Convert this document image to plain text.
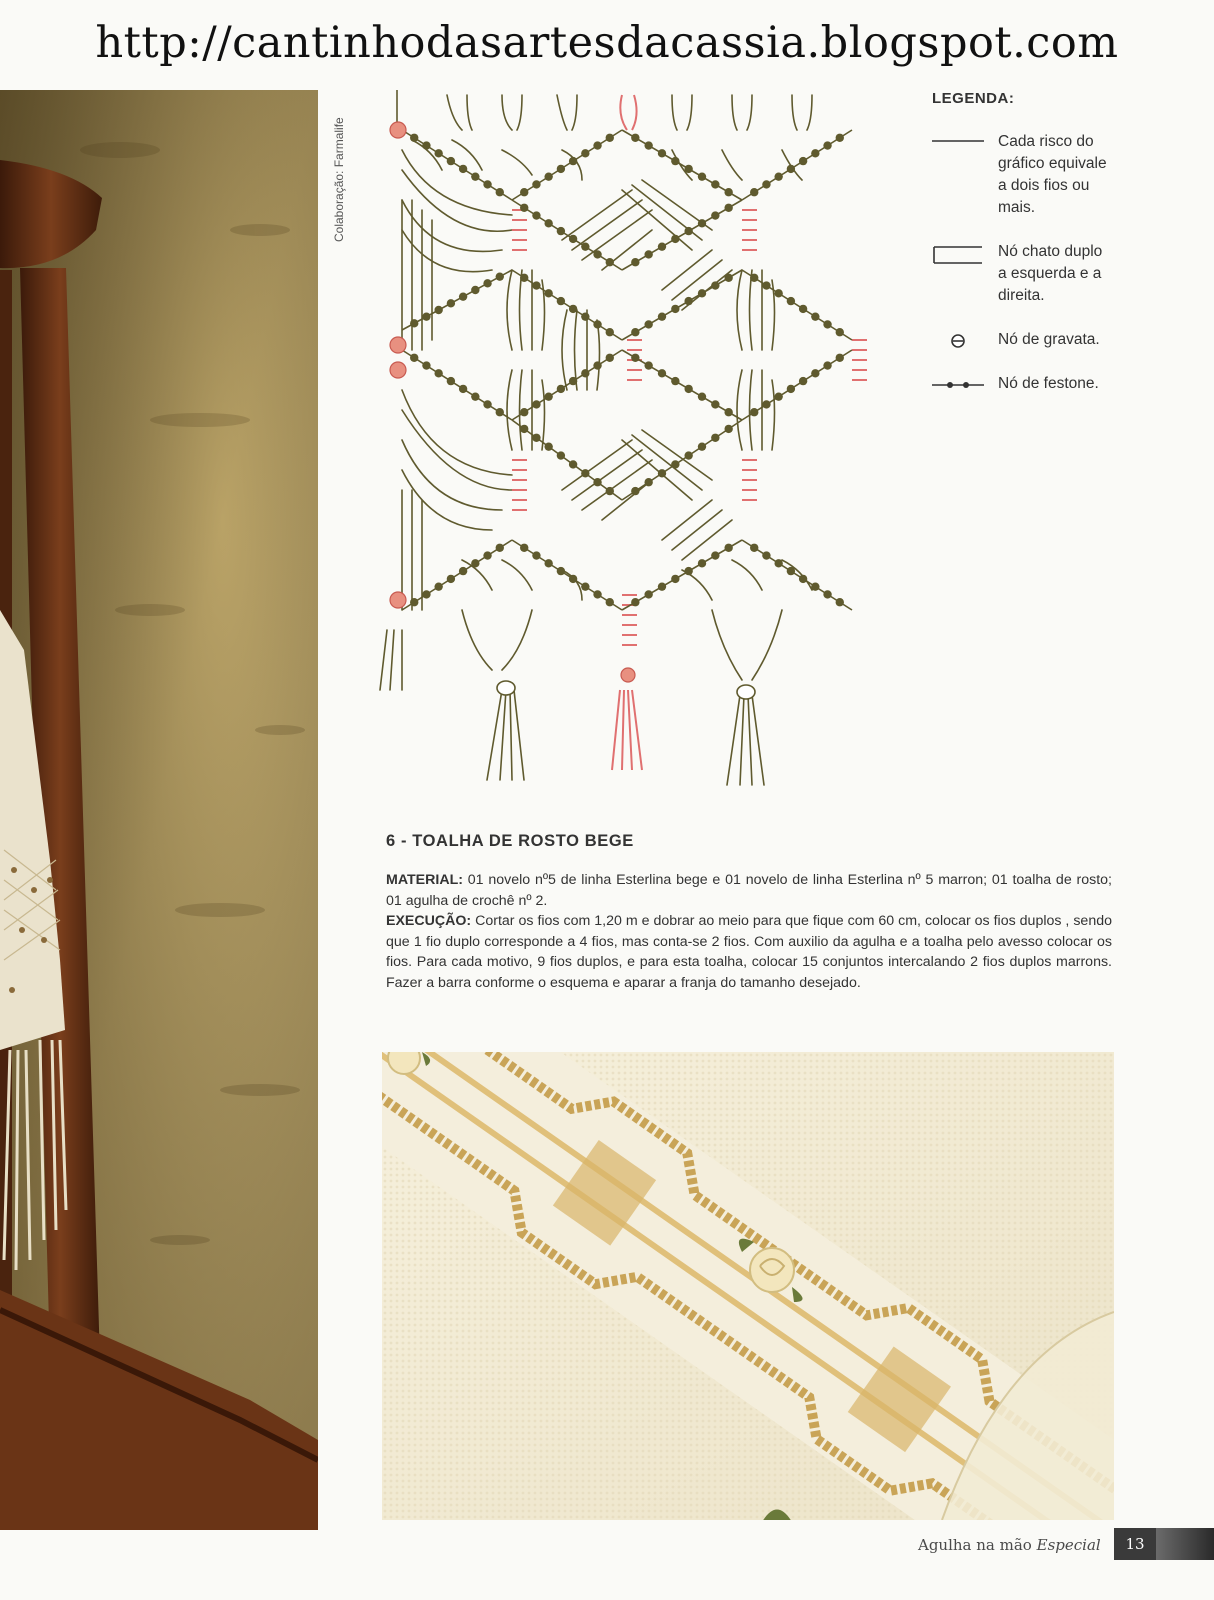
http://cantinhodasartesdacassia.blogspot.com
Colaboração: Farmalife
LEGENDA:
Cada risco do gráfico equivale a dois fios ou mais.
Nó chato duplo a esquerda e a direita.
Nó de gravata.
Nó de festone.
6 - TOALHA DE ROSTO BEGE

MATERIAL: 01 novelo nº5 de linha Esterlina bege e 01 novelo de linha Esterlina nº 5 marron; 01 toalha de rosto; 01 agulha de crochê nº 2.

EXECUÇÃO: Cortar os fios com 1,20 m e dobrar ao meio para que fique com 60 cm, colocar os fios duplos , sendo que 1 fio duplo corresponde a 4 fios, mas conta-se 2 fios. Com auxilio da agulha e a toalha pelo avesso colocar os fios. Para cada motivo, 9 fios duplos, e para esta toalha, colocar 15 conjuntos intercalando 2 fios duplos marrons. Fazer a barra conforme o esquema e aparar a franja do tamanho desejado.

Agulha na mão Especial	13
